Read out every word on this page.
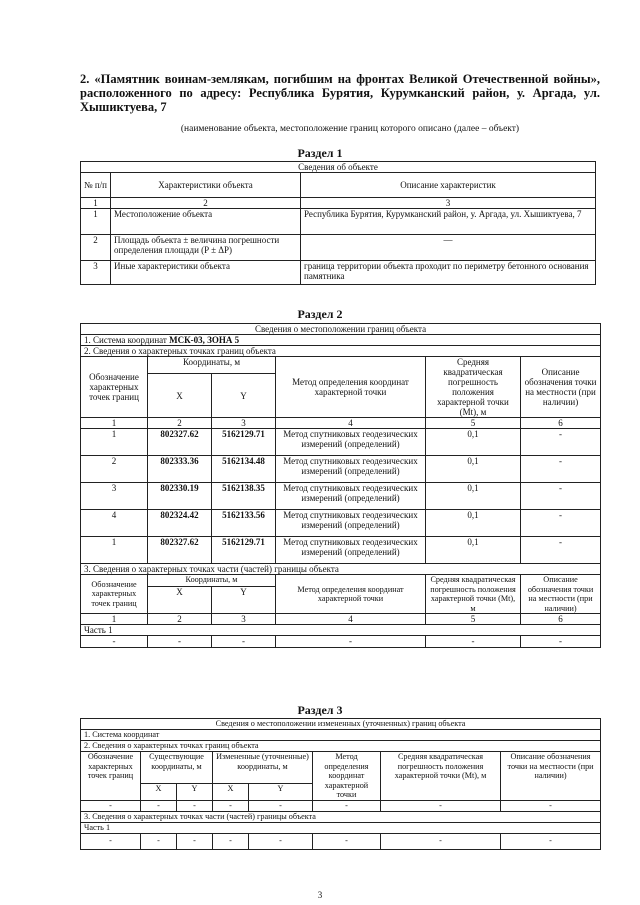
2. «Памятник воинам-землякам, погибшим на фронтах Великой Отечественной войны», расположенного по адресу: Республика Бурятия, Курумканский район, у. Аргада, ул. Хышиктуева, 7
(наименование объекта, местоположение границ которого описано (далее – объект)
Раздел 1
Сведения об объекте		
№ п/п	Характеристики объекта	Описание характеристик
1	2	3
1	Местоположение объекта	Республика Бурятия, Курумканский район, у. Аргада, ул. Хышиктуева, 7
2	Площадь объекта ± величина погрешности определения площади (P ± ΔP)	—
3	Иные характеристики объекта	граница территории объекта проходит по периметру бетонного основания памятника
Раздел 2
Сведения о местоположении границ объекта					
1. Система координат МСК-03, ЗОНА 5					
2. Сведения о характерных точках границ объекта					
Обозначение характерных точек границ	Координаты, м		Метод определения координат характерной точки	Средняя квадратическая погрешность положения характерной точки (Mt), м	Описание обозначения точки на местности (при наличии)
	X	Y			
1	2	3	4	5	6
1	802327.62	5162129.71	Метод спутниковых геодезических измерений (определений)	0,1	-
2	802333.36	5162134.48	Метод спутниковых геодезических измерений (определений)	0,1	-
3	802330.19	5162138.35	Метод спутниковых геодезических измерений (определений)	0,1	-
4	802324.42	5162133.56	Метод спутниковых геодезических измерений (определений)	0,1	-
1	802327.62	5162129.71	Метод спутниковых геодезических измерений (определений)	0,1	-
3. Сведения о характерных точках части (частей) границы объекта					
Обозначение характерных точек границ	Координаты, м		Метод определения координат характерной точки	Средняя квадратическая погрешность положения характерной точки (Mt), м	Описание обозначения точки на местности (при наличии)
	X	Y			
1	2	3	4	5	6
Часть 1					
-	-	-	-	-	-
Раздел 3
Сведения о местоположении измененных (уточненных) границ объекта							
1. Система координат							
2. Сведения о характерных точках границ объекта							
Обозначение характерных точек границ	Существующие координаты, м		Измененные (уточненные) координаты, м		Метод определения координат характерной точки	Средняя квадратическая погрешность положения характерной точки (Mt), м	Описание обозначения точки на местности (при наличии)
	X	Y	X	Y			
-	-	-	-	-	-	-	-
3. Сведения о характерных точках части (частей) границы объекта							
Часть 1							
-	-	-	-	-	-	-	-
3
